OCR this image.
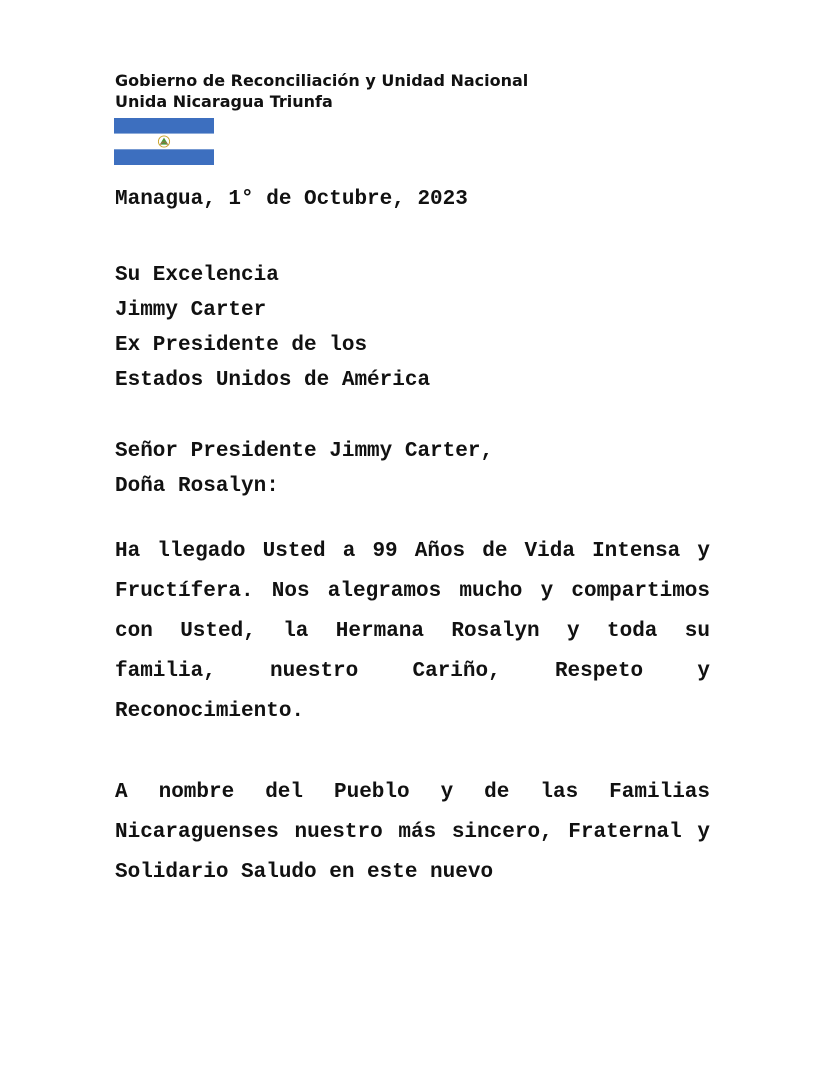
Gobierno de Reconciliación y Unidad Nacional
Unida Nicaragua Triunfa
Managua, 1° de Octubre, 2023
Su Excelencia
Jimmy Carter
Ex Presidente de los
Estados Unidos de América
Señor Presidente Jimmy Carter,
Doña Rosalyn:

Ha llegado Usted a 99 Años de Vida Intensa y Fructífera. Nos alegramos mucho y compartimos con Usted, la Hermana Rosalyn y toda su familia, nuestro Cariño, Respeto y Reconocimiento.

A nombre del Pueblo y de las Familias Nicaraguenses nuestro más sincero, Fraternal y Solidario Saludo en este nuevo
